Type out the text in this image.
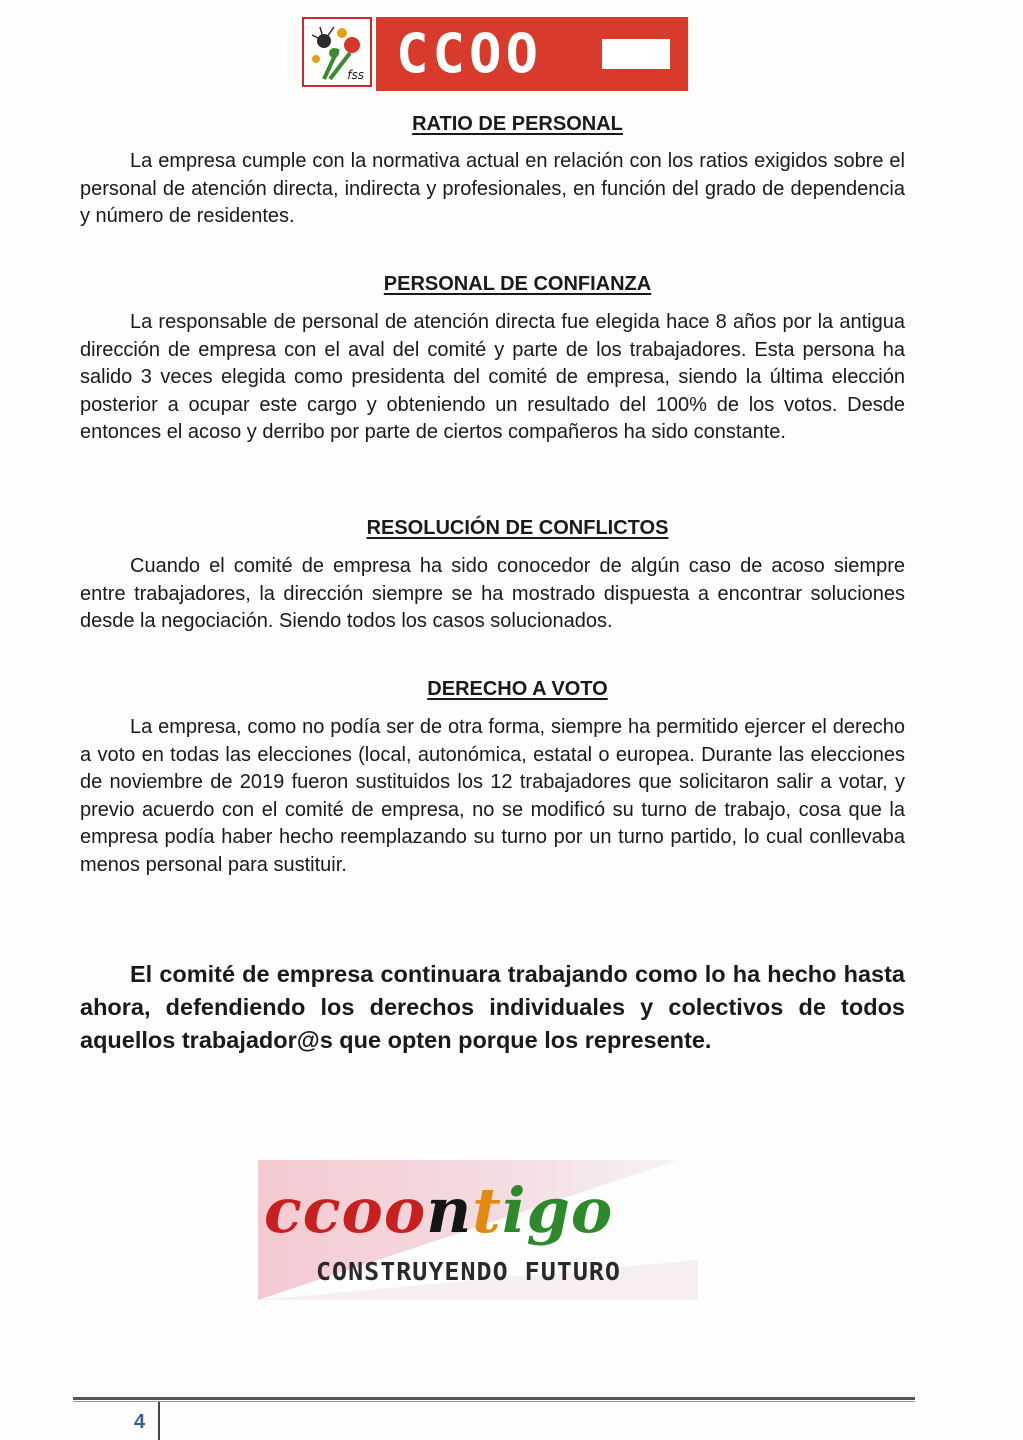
fss CCOO
RATIO DE PERSONAL
La empresa cumple con la normativa actual en relación con los ratios exigidos sobre el personal de atención directa, indirecta y profesionales, en función del grado de dependencia y número de residentes.
PERSONAL DE CONFIANZA
La responsable de personal de atención directa fue elegida hace 8 años por la antigua dirección de empresa con el aval del comité y parte de los trabajadores. Esta persona ha salido 3 veces elegida como presidenta del comité de empresa, siendo la última elección posterior a ocupar este cargo y obteniendo un resultado del 100% de los votos. Desde entonces el acoso y derribo por parte de ciertos compañeros ha sido constante.
RESOLUCIÓN DE CONFLICTOS
Cuando el comité de empresa ha sido conocedor de algún caso de acoso siempre entre trabajadores, la dirección siempre se ha mostrado dispuesta a encontrar soluciones desde la negociación. Siendo todos los casos solucionados.
DERECHO A VOTO
La empresa, como no podía ser de otra forma, siempre ha permitido ejercer el derecho a voto en todas las elecciones (local, autonómica, estatal o europea. Durante las elecciones de noviembre de 2019 fueron sustituidos los 12 trabajadores que solicitaron salir a votar, y previo acuerdo con el comité de empresa, no se modificó su turno de trabajo, cosa que la empresa podía haber hecho reemplazando su turno por un turno partido, lo cual conllevaba menos personal para sustituir.
El comité de empresa continuara trabajando como lo ha hecho hasta ahora, defendiendo los derechos individuales y colectivos de todos aquellos trabajador@s que opten porque los represente.
ccoontigo
CONSTRUYENDO FUTURO
4
